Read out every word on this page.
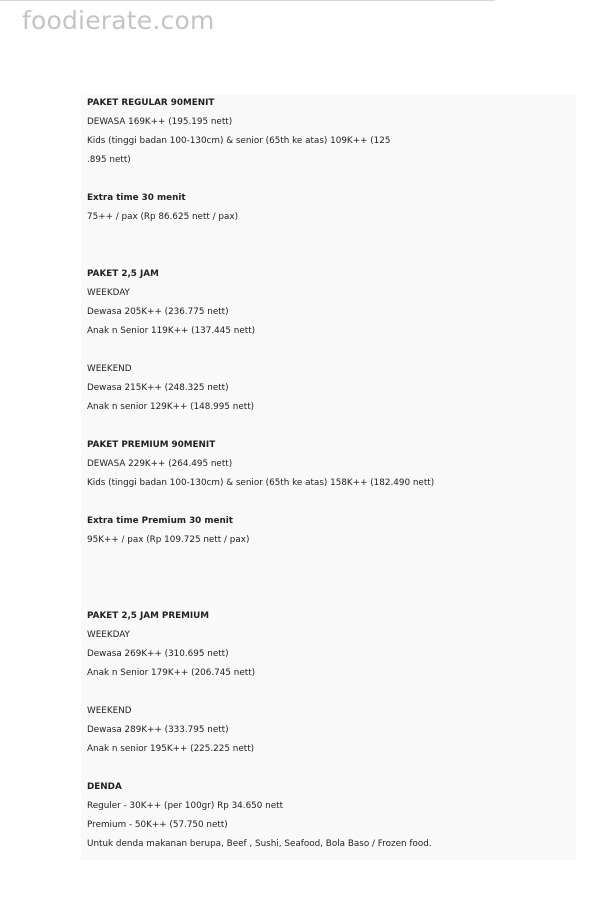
foodierate.com
PAKET REGULAR 90MENIT
DEWASA 169K++ (195.195 nett)
Kids (tinggi badan 100-130cm) & senior (65th ke atas) 109K++ (125
.895 nett)
Extra time 30 menit
75++ / pax (Rp 86.625 nett / pax)
PAKET 2,5 JAM
WEEKDAY
Dewasa 205K++ (236.775 nett)
Anak n Senior 119K++ (137.445 nett)
WEEKEND
Dewasa 215K++ (248.325 nett)
Anak n senior 129K++ (148.995 nett)
PAKET PREMIUM 90MENIT
DEWASA 229K++ (264.495 nett)
Kids (tinggi badan 100-130cm) & senior (65th ke atas) 158K++ (182.490 nett)
Extra time Premium 30 menit
95K++ / pax (Rp 109.725 nett / pax)
PAKET 2,5 JAM PREMIUM
WEEKDAY
Dewasa 269K++ (310.695 nett)
Anak n Senior 179K++ (206.745 nett)
WEEKEND
Dewasa 289K++ (333.795 nett)
Anak n senior 195K++ (225.225 nett)
DENDA
Reguler - 30K++ (per 100gr) Rp 34.650 nett
Premium - 50K++ (57.750 nett)
Untuk denda makanan berupa, Beef , Sushi, Seafood, Bola Baso / Frozen food.
